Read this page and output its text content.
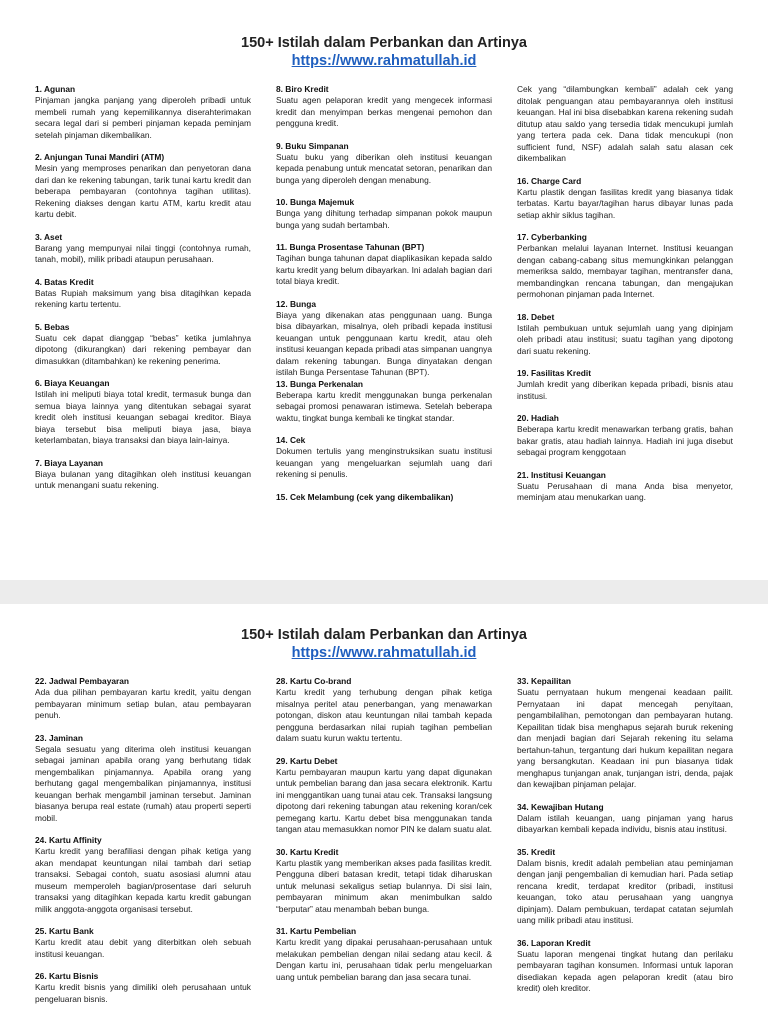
150+ Istilah dalam Perbankan dan Artinya
https://www.rahmatullah.id
1. Agunan
Pinjaman jangka panjang yang diperoleh pribadi untuk membeli rumah yang kepemilikannya diserahterimakan secara legal dari si pemberi pinjaman kepada peminjam setelah pinjaman dikembalikan.
2. Anjungan Tunai Mandiri (ATM)
Mesin yang memproses penarikan dan penyetoran dana dari dan ke rekening tabungan, tarik tunai kartu kredit dan beberapa pembayaran (contohnya tagihan utilitas). Rekening diakses dengan kartu ATM, kartu kredit atau kartu debit.
3. Aset
Barang yang mempunyai nilai tinggi (contohnya rumah, tanah, mobil), milik pribadi ataupun perusahaan.
4. Batas Kredit
Batas Rupiah maksimum yang bisa ditagihkan kepada rekening kartu tertentu.
5. Bebas
Suatu cek dapat dianggap “bebas” ketika jumlahnya dipotong (dikurangkan) dari rekening pembayar dan dimasukkan (ditambahkan) ke rekening penerima.
6. Biaya Keuangan
Istilah ini meliputi biaya total kredit, termasuk bunga dan semua biaya lainnya yang ditentukan sebagai syarat kredit oleh institusi keuangan sebagai kreditor. Biaya biaya tersebut bisa meliputi biaya jasa, biaya keterlambatan, biaya transaksi dan biaya lain-lainya.
7. Biaya Layanan
Biaya bulanan yang ditagihkan oleh institusi keuangan untuk menangani suatu rekening.
8. Biro Kredit
Suatu agen pelaporan kredit yang mengecek informasi kredit dan menyimpan berkas mengenai pemohon dan pengguna kredit.
9. Buku Simpanan
Suatu buku yang diberikan oleh institusi keuangan kepada penabung untuk mencatat setoran, penarikan dan bunga yang diperoleh dengan menabung.
10. Bunga Majemuk
Bunga yang dihitung terhadap simpanan pokok maupun bunga yang sudah bertambah.
11. Bunga Prosentase Tahunan (BPT)
Tagihan bunga tahunan dapat diaplikasikan kepada saldo kartu kredit yang belum dibayarkan. Ini adalah bagian dari total biaya kredit.
12. Bunga
Biaya yang dikenakan atas penggunaan uang. Bunga bisa dibayarkan, misalnya, oleh pribadi kepada institusi keuangan untuk penggunaan kartu kredit, atau oleh institusi keuangan kepada pribadi atas simpanan uangnya dalam rekening tabungan. Bunga dinyatakan dengan istilah Bunga Persentase Tahunan (BPT).
13. Bunga Perkenalan
Beberapa kartu kredit menggunakan bunga perkenalan sebagai promosi penawaran istimewa. Setelah beberapa waktu, tingkat bunga kembali ke tingkat standar.
14. Cek
Dokumen tertulis yang menginstruksikan suatu institusi keuangan yang mengeluarkan sejumlah uang dari rekening si penulis.
15. Cek Melambung (cek yang dikembalikan)
Cek yang “dilambungkan kembali” adalah cek yang ditolak penguangan atau pembayarannya oleh institusi keuangan. Hal ini bisa disebabkan karena rekening sudah ditutup atau saldo yang tersedia tidak mencukupi jumlah yang tertera pada cek. Dana tidak mencukupi (non sufficient fund, NSF) adalah salah satu alasan cek dikembalikan
16. Charge Card
Kartu plastik dengan fasilitas kredit yang biasanya tidak terbatas. Kartu bayar/tagihan harus dibayar lunas pada setiap akhir siklus tagihan.
17. Cyberbanking
Perbankan melalui layanan Internet. Institusi keuangan dengan cabang-cabang situs memungkinkan pelanggan memeriksa saldo, membayar tagihan, mentransfer dana, membandingkan rencana tabungan, dan mengajukan permohonan pinjaman pada Internet.
18. Debet
Istilah pembukuan untuk sejumlah uang yang dipinjam oleh pribadi atau institusi; suatu tagihan yang dipotong dari suatu rekening.
19. Fasilitas Kredit
Jumlah kredit yang diberikan kepada pribadi, bisnis atau institusi.
20. Hadiah
Beberapa kartu kredit menawarkan terbang gratis, bahan bakar gratis, atau hadiah lainnya. Hadiah ini juga disebut sebagai program kenggotaan
21. Institusi Keuangan
Suatu Perusahaan di mana Anda bisa menyetor, meminjam atau menukarkan uang.
150+ Istilah dalam Perbankan dan Artinya
https://www.rahmatullah.id
22. Jadwal Pembayaran
Ada dua pilihan pembayaran kartu kredit, yaitu dengan pembayaran minimum setiap bulan, atau pembayaran penuh.
23. Jaminan
Segala sesuatu yang diterima oleh institusi keuangan sebagai jaminan apabila orang yang berhutang tidak mengembalikan pinjamannya. Apabila orang yang berhutang gagal mengembalikan pinjamannya, institusi keuangan berhak mengambil jaminan tersebut. Jaminan biasanya berupa real estate (rumah) atau properti seperti mobil.
24. Kartu Affinity
Kartu kredit yang berafiliasi dengan pihak ketiga yang akan mendapat keuntungan nilai tambah dari setiap transaksi. Sebagai contoh, suatu asosiasi alumni atau museum memperoleh bagian/prosentase dari seluruh transaksi yang ditagihkan kepada kartu kredit gabungan milik anggota-anggota organisasi tersebut.
25. Kartu Bank
Kartu kredit atau debit yang diterbitkan oleh sebuah institusi keuangan.
26. Kartu Bisnis
Kartu kredit bisnis yang dimiliki oleh perusahaan untuk pengeluaran bisnis.
28. Kartu Co-brand
Kartu kredit yang terhubung dengan pihak ketiga misalnya peritel atau penerbangan, yang menawarkan potongan, diskon atau keuntungan nilai tambah kepada pengguna berdasarkan nilai rupiah tagihan pembelian dalam suatu kurun waktu tertentu.
29. Kartu Debet
Kartu pembayaran maupun kartu yang dapat digunakan untuk pembelian barang dan jasa secara elektronik. Kartu ini menggantikan uang tunai atau cek. Transaksi langsung dipotong dari rekening tabungan atau rekening koran/cek pemegang kartu. Kartu debet bisa menggunakan tanda tangan atau memasukkan nomor PIN ke dalam suatu alat.
30. Kartu Kredit
Kartu plastik yang memberikan akses pada fasilitas kredit. Pengguna diberi batasan kredit, tetapi tidak diharuskan untuk melunasi sekaligus setiap bulannya. Di sisi lain, pembayaran minimum akan menimbulkan saldo “berputar” atau menambah beban bunga.
31. Kartu Pembelian
Kartu kredit yang dipakai perusahaan-perusahaan untuk melakukan pembelian dengan nilai sedang atau kecil. & Dengan kartu ini, perusahaan tidak perlu mengeluarkan uang untuk pembelian barang dan jasa secara tunai.
33. Kepailitan
Suatu pernyataan hukum mengenai keadaan pailit. Pernyataan ini dapat mencegah penyitaan, pengambilalihan, pemotongan dan pembayaran hutang. Kepailitan tidak bisa menghapus sejarah buruk rekening dan menjadi bagian dari Sejarah rekening itu selama bertahun-tahun, tergantung dari hukum kepailitan negara yang bersangkutan. Keadaan ini pun biasanya tidak menghapus tunjangan anak, tunjangan istri, denda, pajak dan kewajiban pinjaman pelajar.
34. Kewajiban Hutang
Dalam istilah keuangan, uang pinjaman yang harus dibayarkan kembali kepada individu, bisnis atau institusi.
35. Kredit
Dalam bisnis, kredit adalah pembelian atau peminjaman dengan janji pengembalian di kemudian hari. Pada setiap rencana kredit, terdapat kreditor (pribadi, institusi keuangan, toko atau perusahaan yang uangnya dipinjam). Dalam pembukuan, terdapat catatan sejumlah uang milik pribadi atau institusi.
36. Laporan Kredit
Suatu laporan mengenai tingkat hutang dan perilaku pembayaran tagihan konsumen. Informasi untuk laporan disediakan kepada agen pelaporan kredit (atau biro kredit) oleh kreditor.
